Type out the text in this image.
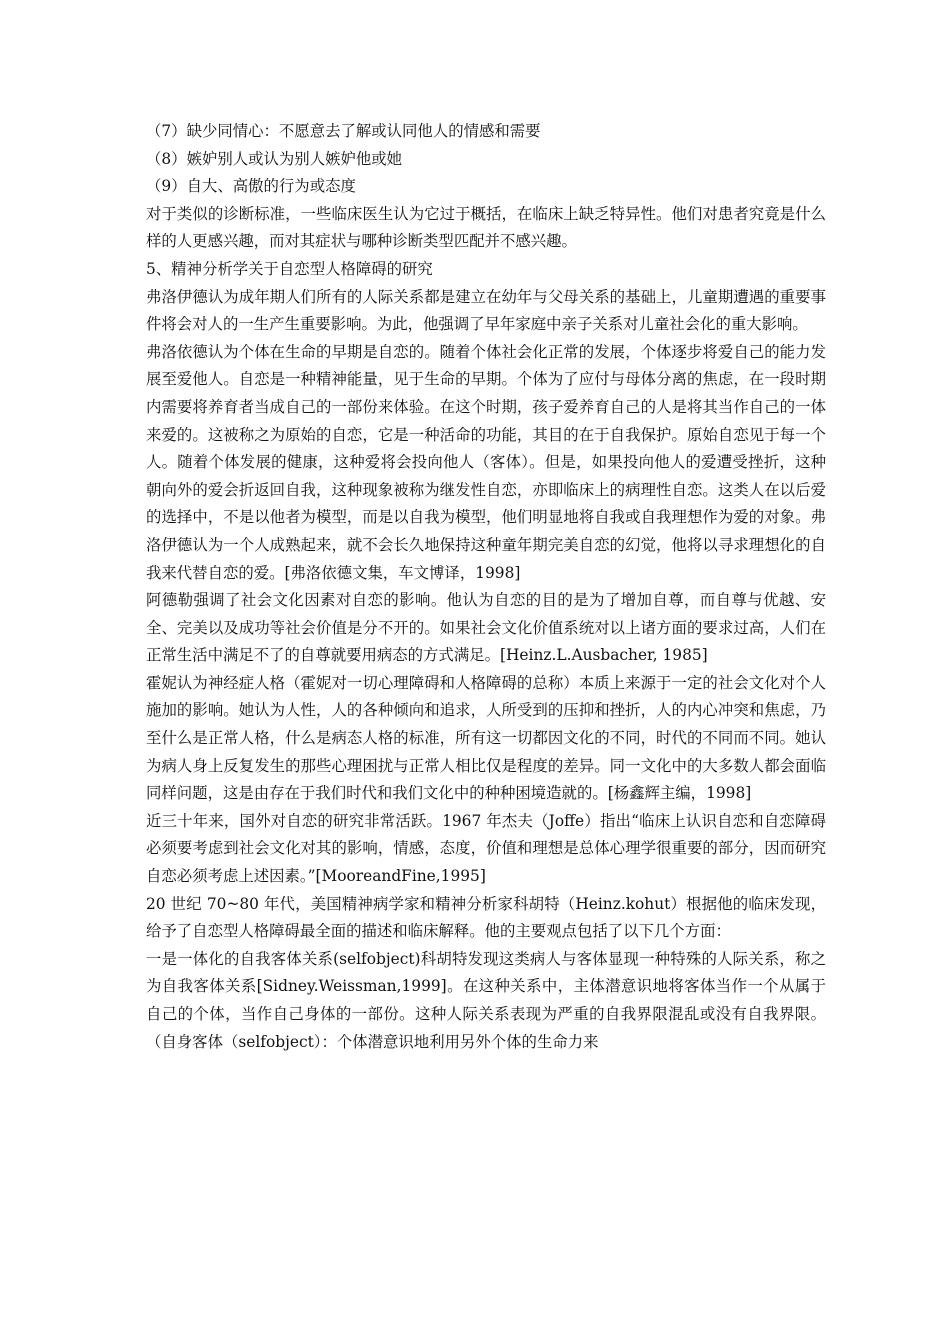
（7）缺少同情心：不愿意去了解或认同他人的情感和需要

（8）嫉妒别人或认为别人嫉妒他或她

（9）自大、高傲的行为或态度

对于类似的诊断标准，一些临床医生认为它过于概括，在临床上缺乏特异性。他们对患者究竟是什么样的人更感兴趣，而对其症状与哪种诊断类型匹配并不感兴趣。

5、精神分析学关于自恋型人格障碍的研究

弗洛伊德认为成年期人们所有的人际关系都是建立在幼年与父母关系的基础上，儿童期遭遇的重要事件将会对人的一生产生重要影响。为此，他强调了早年家庭中亲子关系对儿童社会化的重大影响。

弗洛依德认为个体在生命的早期是自恋的。随着个体社会化正常的发展，个体逐步将爱自己的能力发展至爱他人。自恋是一种精神能量，见于生命的早期。个体为了应付与母体分离的焦虑，在一段时期内需要将养育者当成自己的一部份来体验。在这个时期，孩子爱养育自己的人是将其当作自己的一体来爱的。这被称之为原始的自恋，它是一种活命的功能，其目的在于自我保护。原始自恋见于每一个人。随着个体发展的健康，这种爱将会投向他人（客体）。但是，如果投向他人的爱遭受挫折，这种朝向外的爱会折返回自我，这种现象被称为继发性自恋，亦即临床上的病理性自恋。这类人在以后爱的选择中，不是以他者为模型，而是以自我为模型，他们明显地将自我或自我理想作为爱的对象。弗洛伊德认为一个人成熟起来，就不会长久地保持这种童年期完美自恋的幻觉，他将以寻求理想化的自我来代替自恋的爱。[弗洛依德文集，车文博译，1998]

阿德勒强调了社会文化因素对自恋的影响。他认为自恋的目的是为了增加自尊，而自尊与优越、安全、完美以及成功等社会价值是分不开的。如果社会文化价值系统对以上诸方面的要求过高，人们在正常生活中满足不了的自尊就要用病态的方式满足。[Heinz.L.Ausbacher, 1985]

霍妮认为神经症人格（霍妮对一切心理障碍和人格障碍的总称）本质上来源于一定的社会文化对个人施加的影响。她认为人性，人的各种倾向和追求，人所受到的压抑和挫折，人的内心冲突和焦虑，乃至什么是正常人格，什么是病态人格的标准，所有这一切都因文化的不同，时代的不同而不同。她认为病人身上反复发生的那些心理困扰与正常人相比仅是程度的差异。同一文化中的大多数人都会面临同样问题，这是由存在于我们时代和我们文化中的种种困境造就的。[杨鑫辉主编，1998]

近三十年来，国外对自恋的研究非常活跃。1967 年杰夫（Joffe）指出“临床上认识自恋和自恋障碍必须要考虑到社会文化对其的影响，情感，态度，价值和理想是总体心理学很重要的部分，因而研究自恋必须考虑上述因素。”[MooreandFine,1995]

20 世纪 70~80 年代，美国精神病学家和精神分析家科胡特（Heinz.kohut）根据他的临床发现，给予了自恋型人格障碍最全面的描述和临床解释。他的主要观点包括了以下几个方面：

一是一体化的自我客体关系(selfobject)科胡特发现这类病人与客体显现一种特殊的人际关系，称之为自我客体关系[Sidney.Weissman,1999]。在这种关系中，主体潜意识地将客体当作一个从属于自己的个体，当作自己身体的一部份。这种人际关系表现为严重的自我界限混乱或没有自我界限。（自身客体（selfobject）：个体潜意识地利用另外个体的生命力来
